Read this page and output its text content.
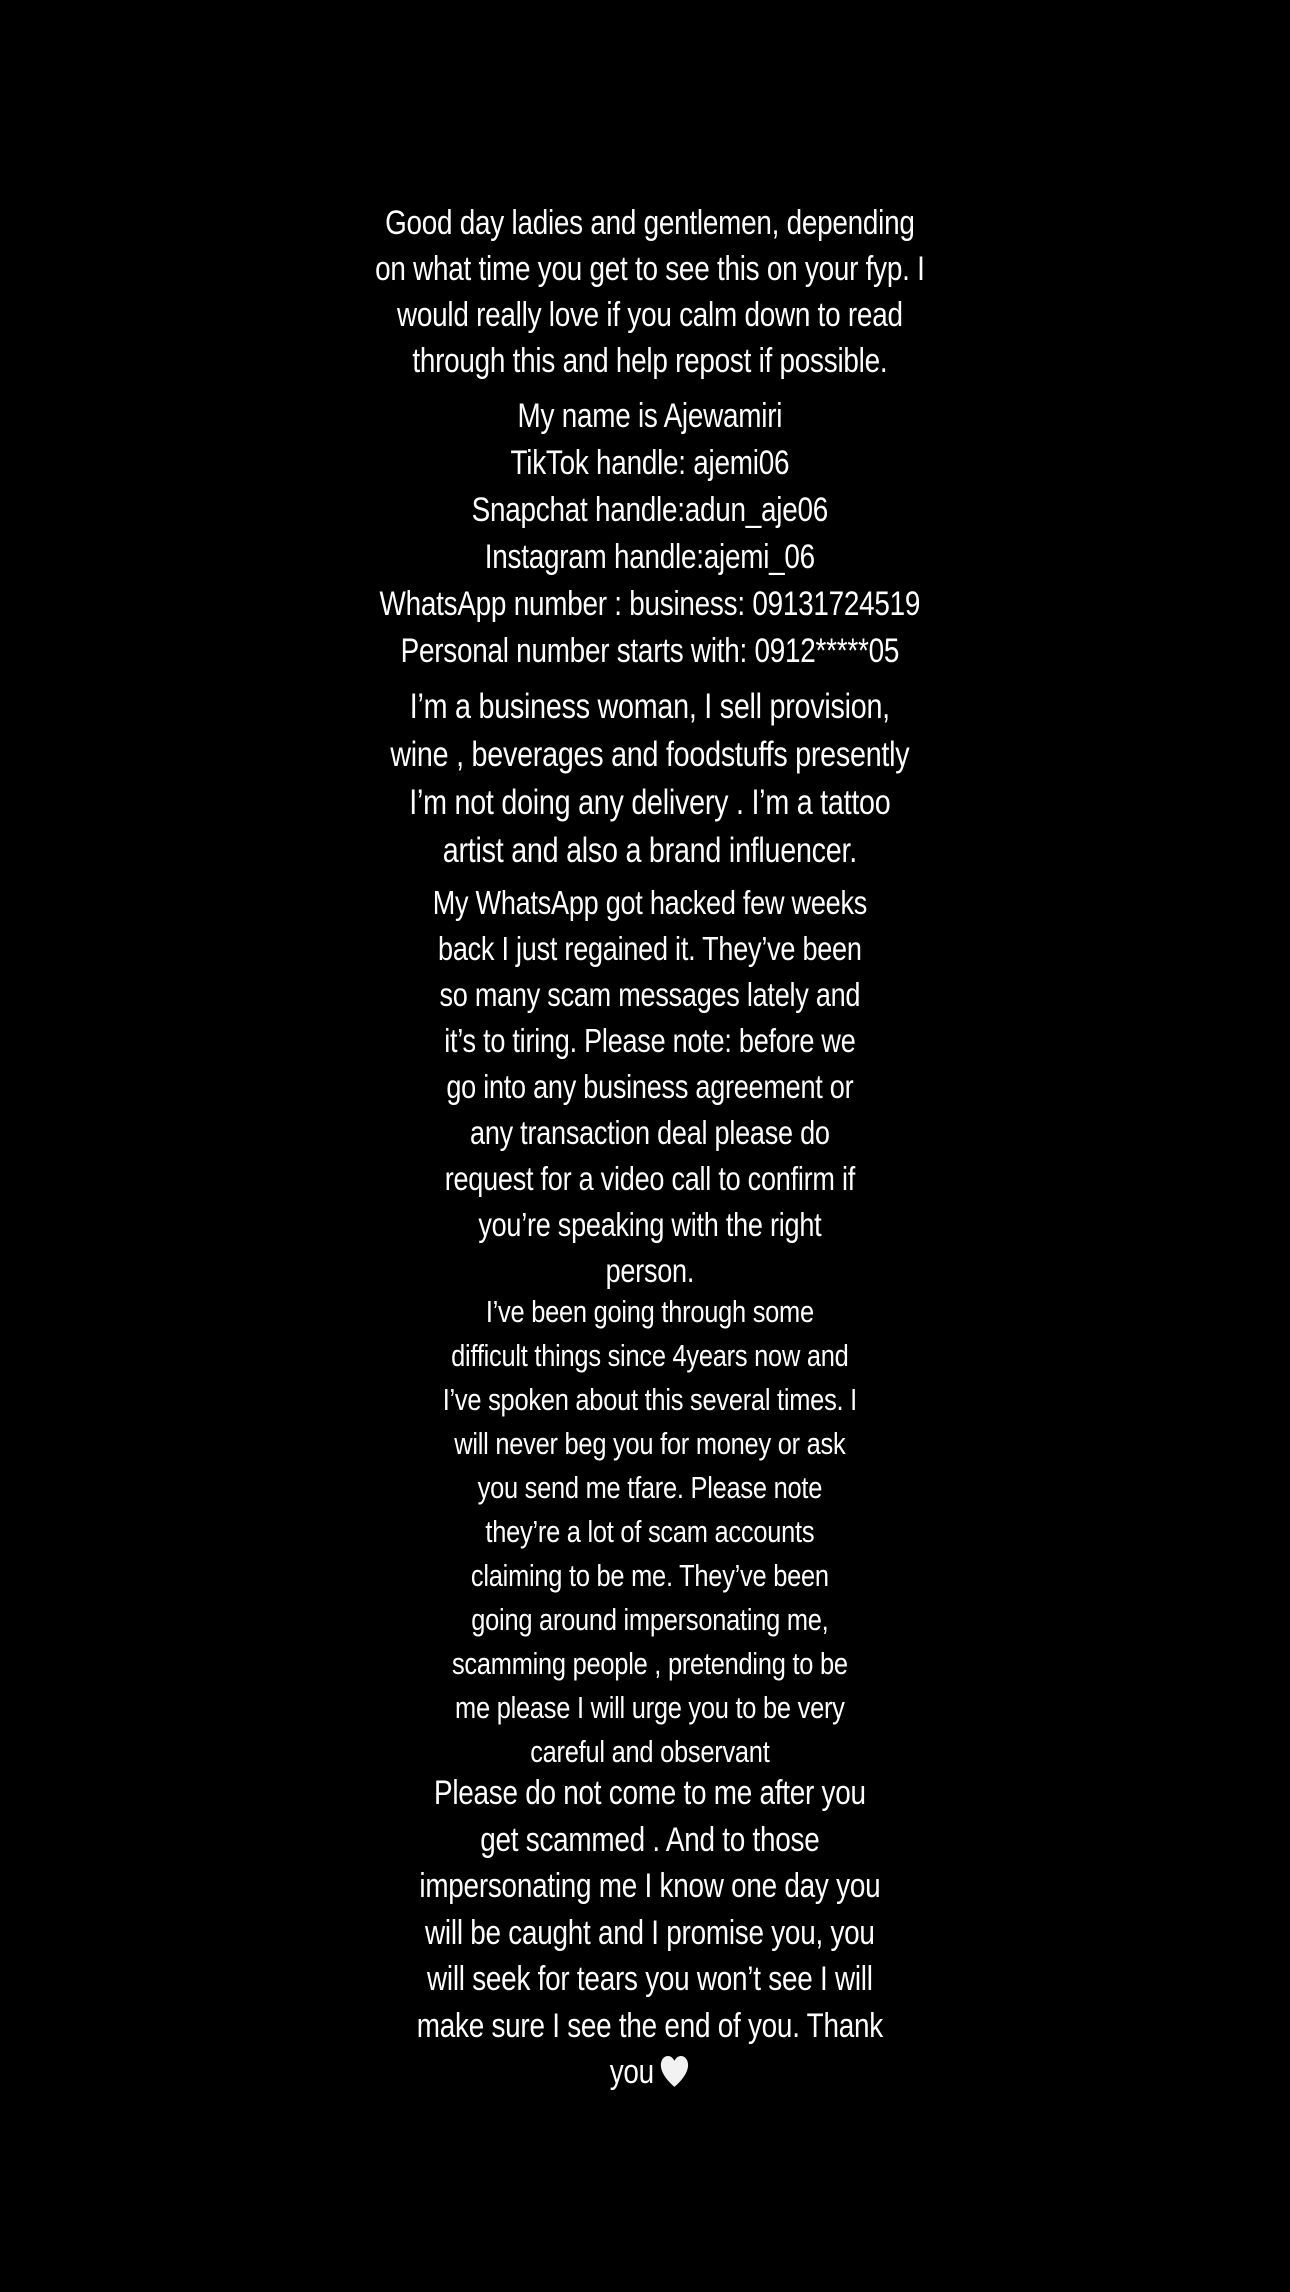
Good day ladies and gentlemen, depending
on what time you get to see this on your fyp. I
would really love if you calm down to read
through this and help repost if possible.
My name is Ajewamiri
TikTok handle: ajemi06
Snapchat handle:adun_aje06
Instagram handle:ajemi_06
WhatsApp number : business: 09131724519
Personal number starts with: 0912*****05
I’m a business woman, I sell provision,
wine , beverages and foodstuffs presently
I’m not doing any delivery . I’m a tattoo
artist and also a brand influencer.
My WhatsApp got hacked few weeks
back I just regained it. They’ve been
so many scam messages lately and
it’s to tiring. Please note: before we
go into any business agreement or
any transaction deal please do
request for a video call to confirm if
you’re speaking with the right
person.
I’ve been going through some
difficult things since 4years now and
I’ve spoken about this several times. I
will never beg you for money or ask
you send me tfare. Please note
they’re a lot of scam accounts
claiming to be me. They’ve been
going around impersonating me,
scamming people , pretending to be
me please I will urge you to be very
careful and observant
Please do not come to me after you
get scammed . And to those
impersonating me I know one day you
will be caught and I promise you, you
will seek for tears you won’t see I will
make sure I see the end of you. Thank
you
